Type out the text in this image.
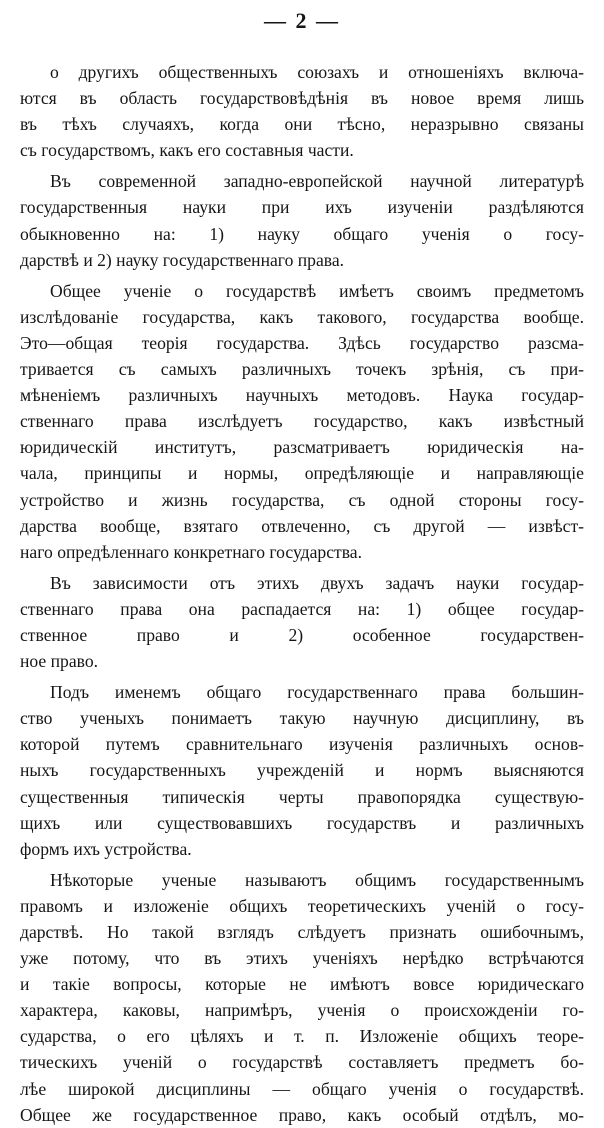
— 2 —
о другихъ общественныхъ союзахъ и отношеніяхъ включа-
ются въ область государствовѣдѣнія въ новое время лишь
въ тѣхъ случаяхъ, когда они тѣсно, неразрывно связаны
съ государствомъ, какъ его составныя части.
Въ современной западно-европейской научной литературѣ
государственныя науки при ихъ изученіи раздѣляются
обыкновенно на: 1) науку общаго ученія о госу-
дарствѣ и 2) науку государственнаго права.
Общее ученіе о государствѣ имѣетъ своимъ предметомъ
изслѣдованіе государства, какъ такового, государства вообще.
Это—общая теорія государства. Здѣсь государство разсма-
тривается съ самыхъ различныхъ точекъ зрѣнія, съ при-
мѣненіемъ различныхъ научныхъ методовъ. Наука госудаp-
ственнаго права изслѣдуетъ государство, какъ извѣстный
юридическій институтъ, разсматриваетъ юридическія на-
чала, принципы и нормы, опредѣляющіе и направляющіе
устройство и жизнь государства, съ одной стороны госу-
дарства вообще, взятаго отвлеченно, съ другой — извѣст-
наго опредѣленнаго конкретнаго государства.
Въ зависимости отъ этихъ двухъ задачъ науки государ-
ственнаго права она распадается на: 1) общее государ-
ственное право и 2) особенное государствен-
ное право.
Подъ именемъ общаго государственнаго права большин-
ство ученыхъ понимаетъ такую научную дисциплину, въ
которой путемъ сравнительнаго изученія различныхъ основ-
ныхъ государственныхъ учрежденій и нормъ выясняются
существенныя типическія черты правопорядка существую-
щихъ или существовавшихъ государствъ и различныхъ
формъ ихъ устройства.
Нѣкоторые ученые называютъ общимъ государственнымъ
правомъ и изложеніе общихъ теоретическихъ ученій о госу-
дарствѣ. Но такой взглядъ слѣдуетъ признать ошибочнымъ,
уже потому, что въ этихъ ученіяхъ нерѣдко встрѣчаются
и такіе вопросы, которые не имѣютъ вовсе юридическаго
характера, каковы, напримѣръ, ученія о происхожденіи го-
сударства, о его цѣляхъ и т. п. Изложеніе общихъ теоре-
тическихъ ученій о государствѣ составляетъ предметъ бо-
лѣе широкой дисциплины — общаго ученія о государствѣ.
Общее же государственное право, какъ особый отдѣлъ, мо-
